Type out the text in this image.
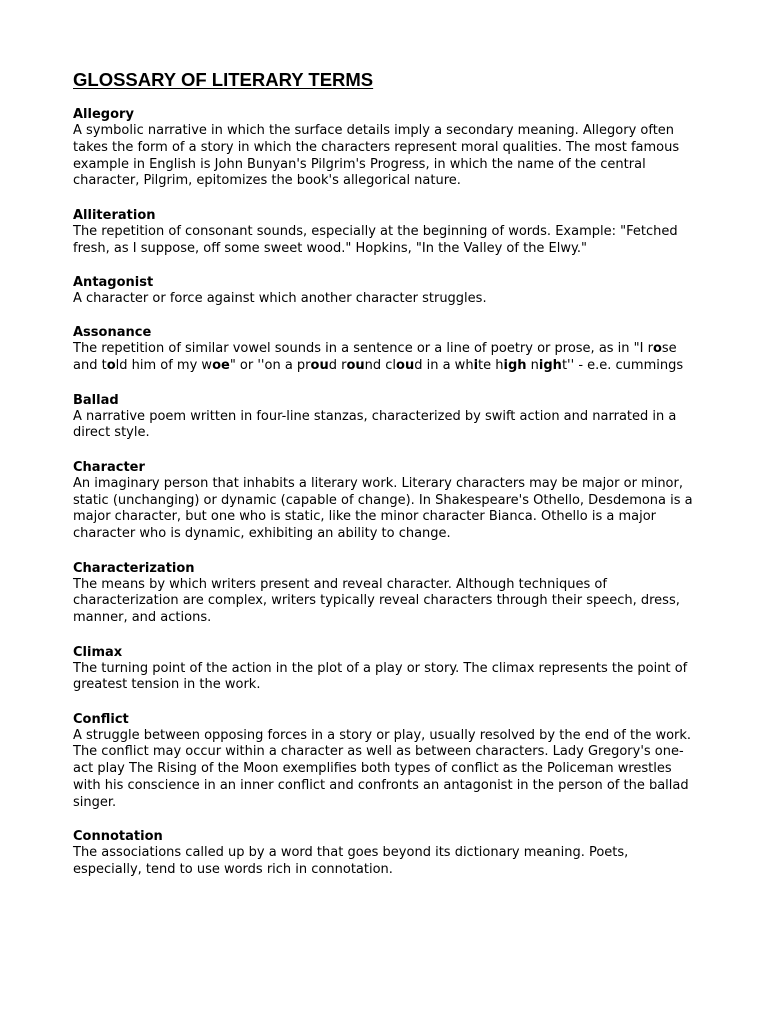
GLOSSARY OF LITERARY TERMS

Allegory

A symbolic narrative in which the surface details imply a secondary meaning. Allegory often takes the form of a story in which the characters represent moral qualities. The most famous example in English is John Bunyan's Pilgrim's Progress, in which the name of the central character, Pilgrim, epitomizes the book's allegorical nature.

Alliteration

The repetition of consonant sounds, especially at the beginning of words. Example: "Fetched fresh, as I suppose, off some sweet wood." Hopkins, "In the Valley of the Elwy."

Antagonist

A character or force against which another character struggles.

Assonance

The repetition of similar vowel sounds in a sentence or a line of poetry or prose, as in "I rose and told him of my woe" or ''on a proud round cloud in a white high night'' - e.e. cummings

Ballad

A narrative poem written in four-line stanzas, characterized by swift action and narrated in a direct style.

Character

An imaginary person that inhabits a literary work. Literary characters may be major or minor, static (unchanging) or dynamic (capable of change). In Shakespeare's Othello, Desdemona is a major character, but one who is static, like the minor character Bianca. Othello is a major character who is dynamic, exhibiting an ability to change.

Characterization

The means by which writers present and reveal character. Although techniques of characterization are complex, writers typically reveal characters through their speech, dress, manner, and actions.

Climax

The turning point of the action in the plot of a play or story. The climax represents the point of greatest tension in the work.

Conflict

A struggle between opposing forces in a story or play, usually resolved by the end of the work. The conflict may occur within a character as well as between characters. Lady Gregory's one-act play The Rising of the Moon exemplifies both types of conflict as the Policeman wrestles with his conscience in an inner conflict and confronts an antagonist in the person of the ballad singer.

Connotation

The associations called up by a word that goes beyond its dictionary meaning. Poets, especially, tend to use words rich in connotation.
